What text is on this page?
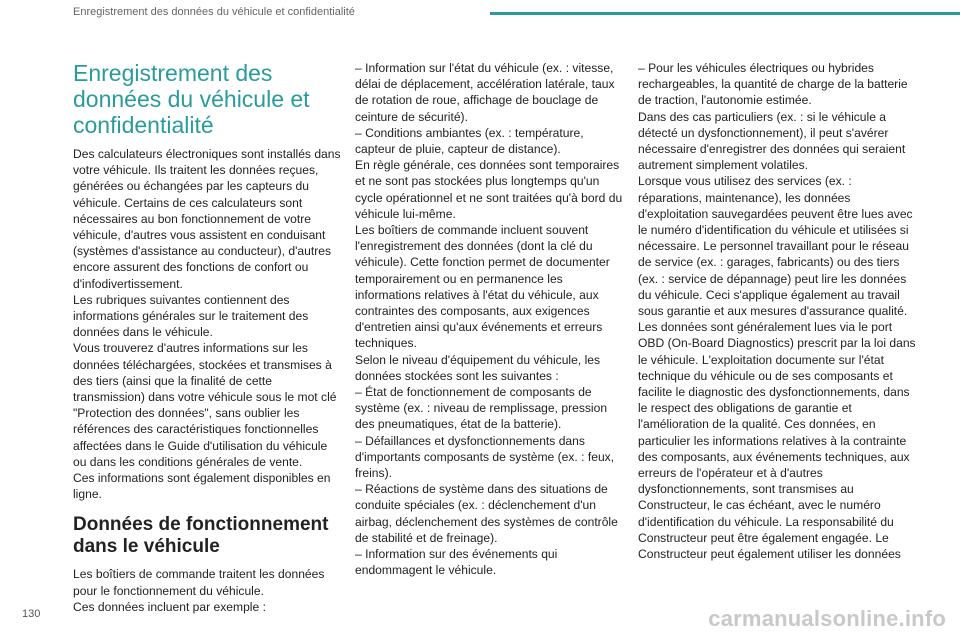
Enregistrement des données du véhicule et confidentialité
Enregistrement des données du véhicule et confidentialité

Des calculateurs électroniques sont installés dans votre véhicule. Ils traitent les données reçues, générées ou échangées par les capteurs du véhicule. Certains de ces calculateurs sont nécessaires au bon fonctionnement de votre véhicule, d'autres vous assistent en conduisant (systèmes d'assistance au conducteur), d'autres encore assurent des fonctions de confort ou d'infodivertissement.

Les rubriques suivantes contiennent des informations générales sur le traitement des données dans le véhicule.

Vous trouverez d'autres informations sur les données téléchargées, stockées et transmises à des tiers (ainsi que la finalité de cette transmission) dans votre véhicule sous le mot clé "Protection des données", sans oublier les références des caractéristiques fonctionnelles affectées dans le Guide d'utilisation du véhicule ou dans les conditions générales de vente.

Ces informations sont également disponibles en ligne.

Données de fonctionnement dans le véhicule

Les boîtiers de commande traitent les données pour le fonctionnement du véhicule.

Ces données incluent par exemple :

– Information sur l'état du véhicule (ex. : vitesse, délai de déplacement, accélération latérale, taux de rotation de roue, affichage de bouclage de ceinture de sécurité).

– Conditions ambiantes (ex. : température, capteur de pluie, capteur de distance).

En règle générale, ces données sont temporaires et ne sont pas stockées plus longtemps qu'un cycle opérationnel et ne sont traitées qu'à bord du véhicule lui-même.

Les boîtiers de commande incluent souvent l'enregistrement des données (dont la clé du véhicule). Cette fonction permet de documenter temporairement ou en permanence les informations relatives à l'état du véhicule, aux contraintes des composants, aux exigences d'entretien ainsi qu'aux événements et erreurs techniques.

Selon le niveau d'équipement du véhicule, les données stockées sont les suivantes :

– État de fonctionnement de composants de système (ex. : niveau de remplissage, pression des pneumatiques, état de la batterie).

– Défaillances et dysfonctionnements dans d'importants composants de système (ex. : feux, freins).

– Réactions de système dans des situations de conduite spéciales (ex. : déclenchement d'un airbag, déclenchement des systèmes de contrôle de stabilité et de freinage).

– Information sur des événements qui endommagent le véhicule.

– Pour les véhicules électriques ou hybrides rechargeables, la quantité de charge de la batterie de traction, l'autonomie estimée.

Dans des cas particuliers (ex. : si le véhicule a détecté un dysfonctionnement), il peut s'avérer nécessaire d'enregistrer des données qui seraient autrement simplement volatiles.

Lorsque vous utilisez des services (ex. : réparations, maintenance), les données d'exploitation sauvegardées peuvent être lues avec le numéro d'identification du véhicule et utilisées si nécessaire. Le personnel travaillant pour le réseau de service (ex. : garages, fabricants) ou des tiers (ex. : service de dépannage) peut lire les données du véhicule. Ceci s'applique également au travail sous garantie et aux mesures d'assurance qualité.

Les données sont généralement lues via le port OBD (On-Board Diagnostics) prescrit par la loi dans le véhicule. L'exploitation documente sur l'état technique du véhicule ou de ses composants et facilite le diagnostic des dysfonctionnements, dans le respect des obligations de garantie et l'amélioration de la qualité. Ces données, en particulier les informations relatives à la contrainte des composants, aux événements techniques, aux erreurs de l'opérateur et à d'autres dysfonctionnements, sont transmises au Constructeur, le cas échéant, avec le numéro d'identification du véhicule. La responsabilité du Constructeur peut être également engagée. Le Constructeur peut également utiliser les données

130	carmanualsonline.info
